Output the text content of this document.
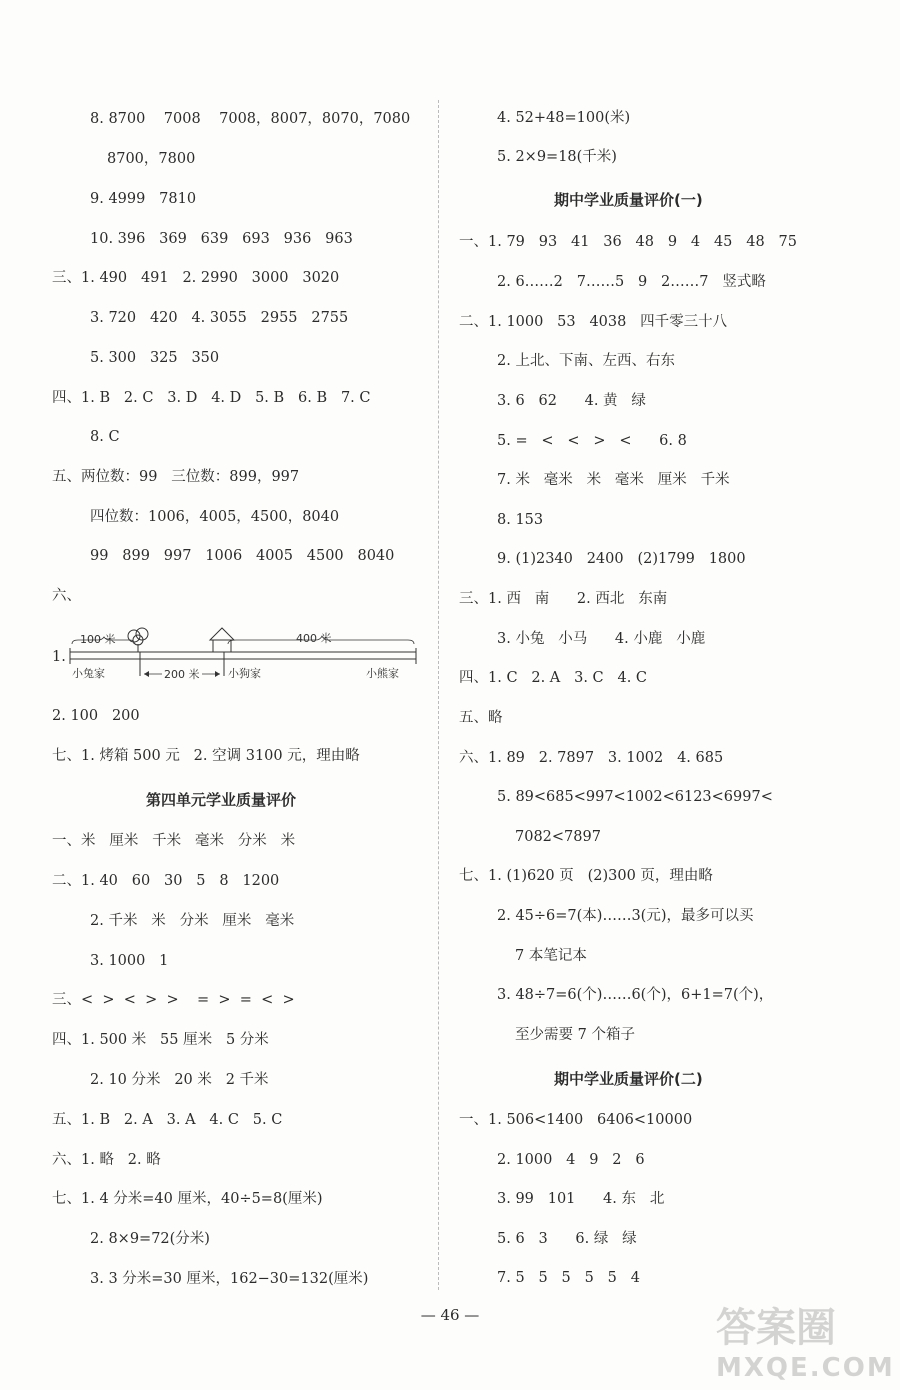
8. 8700    7008    7008，8007，8070，7080
8700，7800
9. 4999   7810
10. 396   369   639   693   936   963
三、1. 490   491   2. 2990   3000   3020
3. 720   420   4. 3055   2955   2755
5. 300   325   350
四、1. B   2. C   3. D   4. D   5. B   6. B   7. C
8. C
五、两位数：99   三位数：899，997
四位数：1006，4005，4500，8040
99   899   997   1006   4005   4500   8040
六、
1.
2. 100   200
七、1. 烤箱 500 元   2. 空调 3100 元，理由略
第四单元学业质量评价
一、米   厘米   千米   毫米   分米   米
二、1. 40   60   30   5   8   1200
2. 千米   米   分米   厘米   毫米
3. 1000   1
三、<  >  <  >  >    =  >  =  <  >
四、1. 500 米   55 厘米   5 分米
2. 10 分米   20 米   2 千米
五、1. B   2. A   3. A   4. C   5. C
六、1. 略   2. 略
七、1. 4 分米=40 厘米，40÷5=8(厘米)
2. 8×9=72(分米)
3. 3 分米=30 厘米，162−30=132(厘米)
100 米	400 米
200 米
小兔家	小狗家	小熊家
4. 52+48=100(米)
5. 2×9=18(千米)
期中学业质量评价(一)
一、1. 79   93   41   36   48   9   4   45   48   75
2. 6……2   7……5   9   2……7   竖式略
二、1. 1000   53   4038   四千零三十八
2. 上北、下南、左西、右东
3. 6   62      4. 黄   绿
5. =   <   <   >   <      6. 8
7. 米   毫米   米   毫米   厘米   千米
8. 153
9. (1)2340   2400   (2)1799   1800
三、1. 西   南      2. 西北   东南
3. 小兔   小马      4. 小鹿   小鹿
四、1. C   2. A   3. C   4. C
五、略
六、1. 89   2. 7897   3. 1002   4. 685
5. 89<685<997<1002<6123<6997<
7082<7897
七、1. (1)620 页   (2)300 页，理由略
2. 45÷6=7(本)……3(元)，最多可以买
7 本笔记本
3. 48÷7=6(个)……6(个)，6+1=7(个)，
至少需要 7 个箱子
期中学业质量评价(二)
一、1. 506<1400   6406<10000
2. 1000   4   9   2   6
3. 99   101      4. 东   北
5. 6   3      6. 绿   绿
7. 5   5   5   5   5   4
— 46 —	答案圈
MXQE.COM
